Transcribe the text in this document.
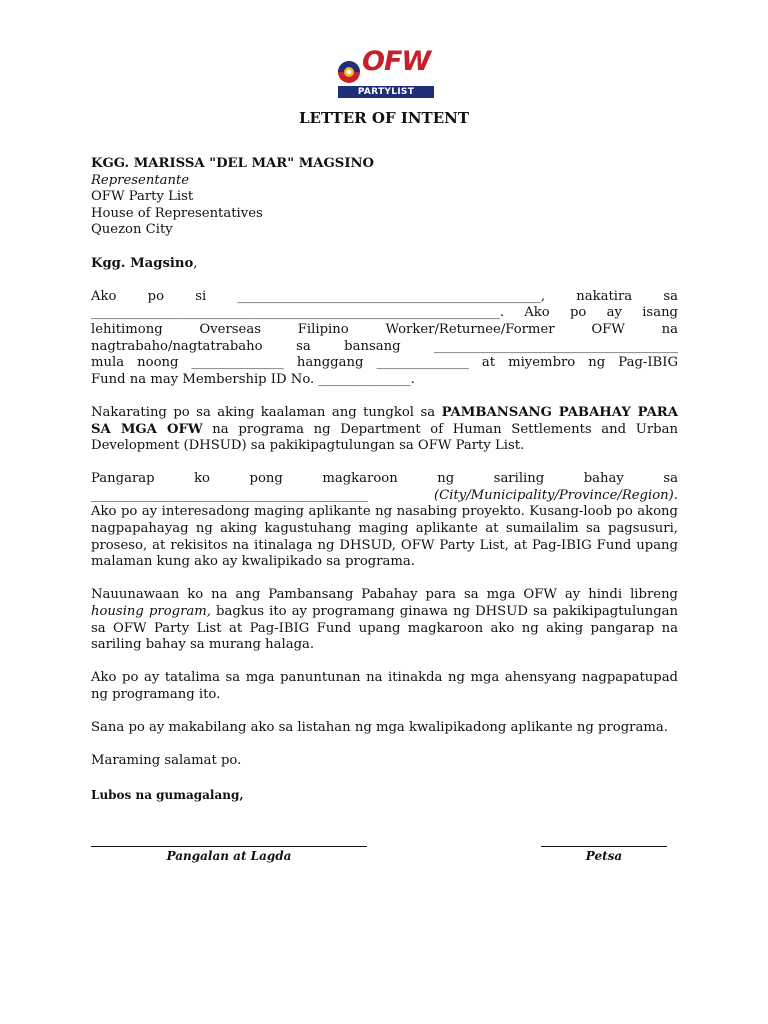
OFW
PARTYLIST
LETTER OF INTENT

KGG. MARISSA "DEL MAR" MAGSINO

Representante

OFW Party List

House of Representatives

Quezon City

Kgg. Magsino,

Ako po si ______________________________________________, nakatira sa

______________________________________________________________. Ako po ay isang

lehitimong Overseas Filipino Worker/Returnee/Former OFW na

nagtrabaho/nagtatrabaho sa bansang _____________________________________

mula noong ______________ hanggang ______________ at miyembro ng Pag-IBIG

Fund na may Membership ID No. ______________.

Nakarating po sa aking kaalaman ang tungkol sa PAMBANSANG PABAHAY PARA SA MGA OFW na programa ng Department of Human Settlements and Urban Development (DHSUD) sa pakikipagtulungan sa OFW Party List.

Pangarap ko pong magkaroon ng sariling bahay sa

__________________________________________ (City/Municipality/Province/Region).

Ako po ay interesadong maging aplikante ng nasabing proyekto. Kusang-loob po akong nagpapahayag ng aking kagustuhang maging aplikante at sumailalim sa pagsusuri, proseso, at rekisitos na itinalaga ng DHSUD, OFW Party List, at Pag-IBIG Fund upang malaman kung ako ay kwalipikado sa programa.

Nauunawaan ko na ang Pambansang Pabahay para sa mga OFW ay hindi libreng housing program, bagkus ito ay programang ginawa ng DHSUD sa pakikipagtulungan sa OFW Party List at Pag-IBIG Fund upang magkaroon ako ng aking pangarap na sariling bahay sa murang halaga.

Ako po ay tatalima sa mga panuntunan na itinakda ng mga ahensyang nagpapatupad ng programang ito.

Sana po ay makabilang ako sa listahan ng mga kwalipikadong aplikante ng programa.

Maraming salamat po.

Lubos na gumagalang,

Pangalan at Lagda	Petsa
